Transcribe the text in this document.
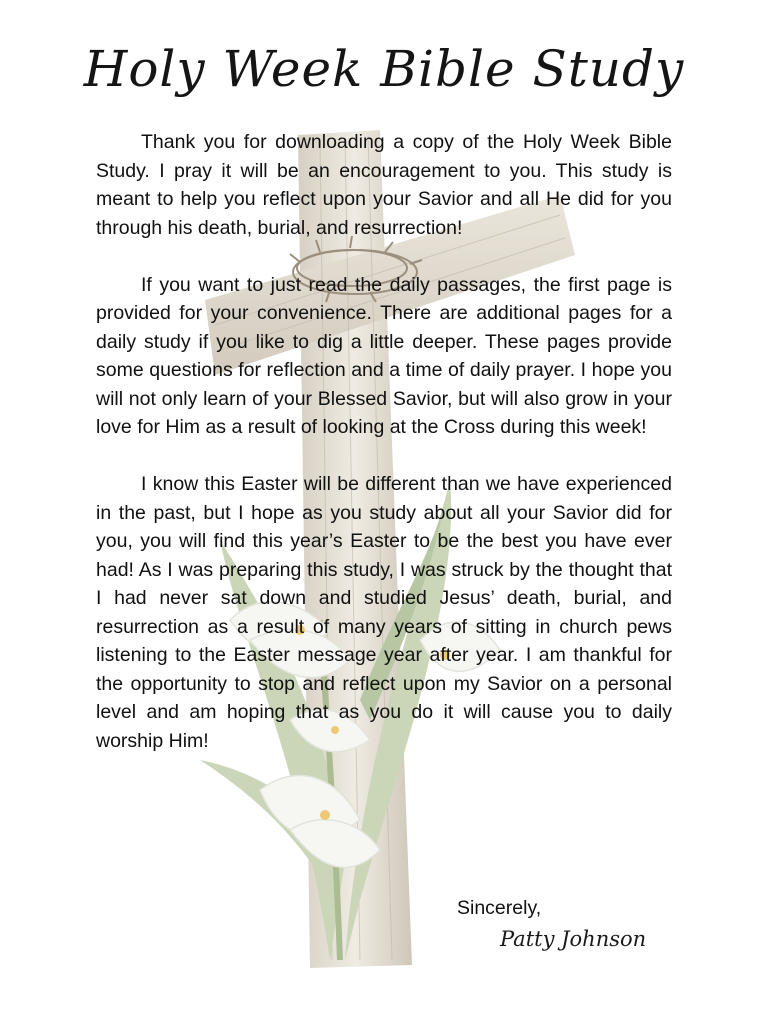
Holy Week Bible Study

Thank you for downloading a copy of the Holy Week Bible Study. I pray it will be an encouragement to you. This study is meant to help you reflect upon your Savior and all He did for you through his death, burial, and resurrection!

If you want to just read the daily passages, the first page is provided for your convenience. There are additional pages for a daily study if you like to dig a little deeper. These pages provide some questions for reflection and a time of daily prayer. I hope you will not only learn of your Blessed Savior, but will also grow in your love for Him as a result of looking at the Cross during this week!

I know this Easter will be different than we have experienced in the past, but I hope as you study about all your Savior did for you, you will find this year’s Easter to be the best you have ever had! As I was preparing this study, I was struck by the thought that I had never sat down and studied Jesus’ death, burial, and resurrection as a result of many years of sitting in church pews listening to the Easter message year after year. I am thankful for the opportunity to stop and reflect upon my Savior on a personal level and am hoping that as you do it will cause you to daily worship Him!

Sincerely,
Patty Johnson
